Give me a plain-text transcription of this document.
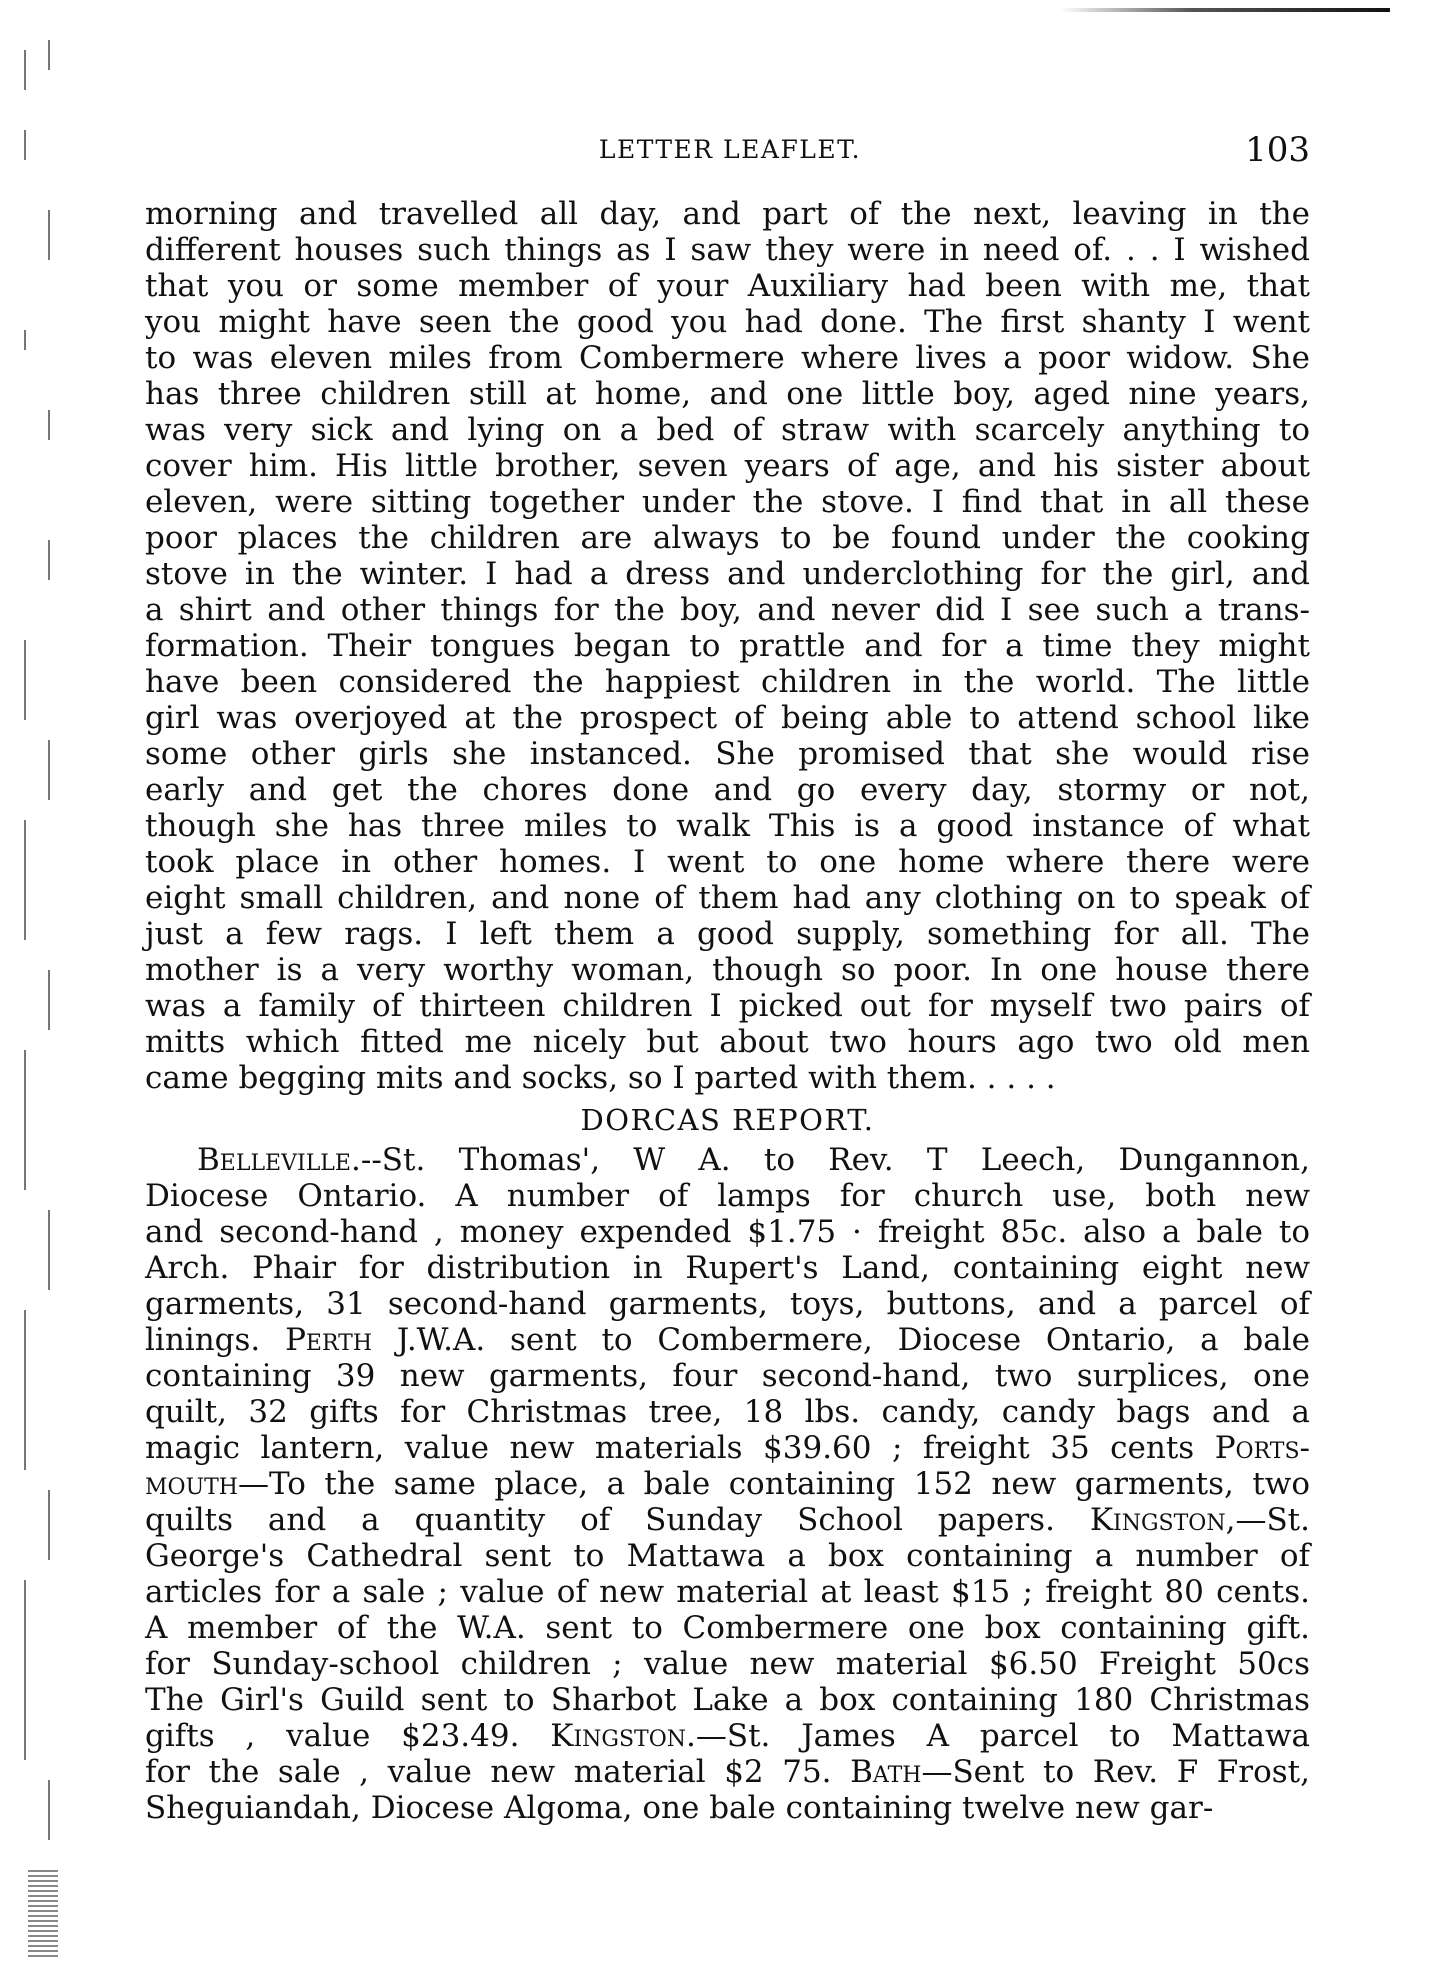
LETTER LEAFLET.	103
morning and travelled all day, and part of the next, leaving in the
different houses such things as I saw they were in need of. . . I wished
that you or some member of your Auxiliary had been with me, that
you might have seen the good you had done. The first shanty I went
to was eleven miles from Combermere where lives a poor widow. She
has three children still at home, and one little boy, aged nine years,
was very sick and lying on a bed of straw with scarcely anything to
cover him. His little brother, seven years of age, and his sister about
eleven, were sitting together under the stove. I find that in all these
poor places the children are always to be found under the cooking
stove in the winter. I had a dress and underclothing for the girl, and
a shirt and other things for the boy, and never did I see such a trans-
formation. Their tongues began to prattle and for a time they might
have been considered the happiest children in the world. The little
girl was overjoyed at the prospect of being able to attend school like
some other girls she instanced. She promised that she would rise
early and get the chores done and go every day, stormy or not,
though she has three miles to walk This is a good instance of what
took place in other homes. I went to one home where there were
eight small children, and none of them had any clothing on to speak of
just a few rags. I left them a good supply, something for all. The
mother is a very worthy woman, though so poor. In one house there
was a family of thirteen children I picked out for myself two pairs of
mitts which fitted me nicely but about two hours ago two old men
came begging mits and socks, so I parted with them. . . . .
DORCAS REPORT.
Belleville.--St. Thomas', W A. to Rev. T Leech, Dungannon,
Diocese Ontario. A number of lamps for church use, both new
and second-hand , money expended $1.75 · freight 85c. also a bale to
Arch. Phair for distribution in Rupert's Land, containing eight new
garments, 31 second-hand garments, toys, buttons, and a parcel of
linings. Perth J.W.A. sent to Combermere, Diocese Ontario, a bale
containing 39 new garments, four second-hand, two surplices, one
quilt, 32 gifts for Christmas tree, 18 lbs. candy, candy bags and a
magic lantern, value new materials $39.60 ; freight 35 cents Ports-
mouth—To the same place, a bale containing 152 new garments, two
quilts and a quantity of Sunday School papers. Kingston,—St.
George's Cathedral sent to Mattawa a box containing a number of
articles for a sale ; value of new material at least $15 ; freight 80 cents.
A member of the W.A. sent to Combermere one box containing gift.
for Sunday-school children ; value new material $6.50 Freight 50cs
The Girl's Guild sent to Sharbot Lake a box containing 180 Christmas
gifts , value $23.49. Kingston.—St. James A parcel to Mattawa
for the sale , value new material $2 75. Bath—Sent to Rev. F Frost,
Sheguiandah, Diocese Algoma, one bale containing twelve new gar-
